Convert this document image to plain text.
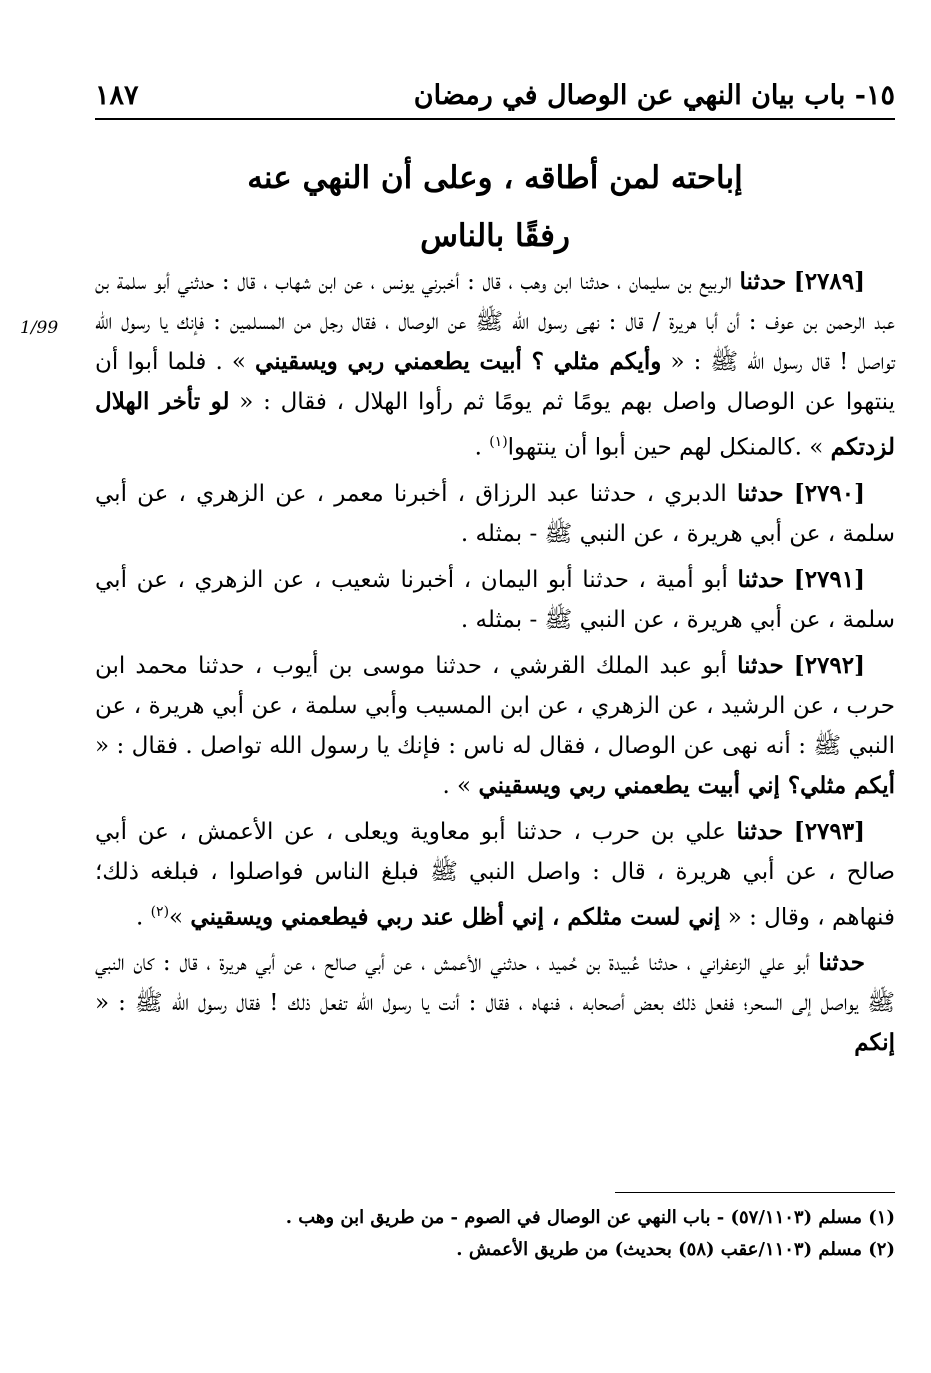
١٥- باب بيان النهي عن الوصال في رمضان
١٨٧
إباحته لمن أطاقه ، وعلى أن النهي عنه
رفقًا بالناس
1/99

[٢٧٨٩] حدثنا الربيع بن سليمان ، حدثنا ابن وهب ، قال : أخبرني يونس ، عن ابن شهاب ، قال : حدثني أبو سلمة بن عبد الرحمن بن عوف : أن أبا هريرة / قال : نهى رسول الله ﷺ عن الوصال ، فقال رجل من المسلمين : فإنك يا رسول الله تواصل ! قال رسول الله ﷺ : « وأيكم مثلي ؟ أبيت يطعمني ربي ويسقيني » . فلما أبوا أن ينتهوا عن الوصال واصل بهم يومًا ثم يومًا ثم رأوا الهلال ، فقال : « لو تأخر الهلال لزدتكم » .كالمنكل لهم حين أبوا أن ينتهوا$^{(١)}$ .

[٢٧٩٠] حدثنا الدبري ، حدثنا عبد الرزاق ، أخبرنا معمر ، عن الزهري ، عن أبي سلمة ، عن أبي هريرة ، عن النبي ﷺ - بمثله .

[٢٧٩١] حدثنا أبو أمية ، حدثنا أبو اليمان ، أخبرنا شعيب ، عن الزهري ، عن أبي سلمة ، عن أبي هريرة ، عن النبي ﷺ - بمثله .

[٢٧٩٢] حدثنا أبو عبد الملك القرشي ، حدثنا موسى بن أيوب ، حدثنا محمد ابن حرب ، عن الرشيد ، عن الزهري ، عن ابن المسيب وأبي سلمة ، عن أبي هريرة ، عن النبي ﷺ : أنه نهى عن الوصال ، فقال له ناس : فإنك يا رسول الله تواصل . فقال : « أيكم مثلي؟ إني أبيت يطعمني ربي ويسقيني » .

[٢٧٩٣] حدثنا علي بن حرب ، حدثنا أبو معاوية ويعلى ، عن الأعمش ، عن أبي صالح ، عن أبي هريرة ، قال : واصل النبي ﷺ فبلغ الناس فواصلوا ، فبلغه ذلك؛ فنهاهم ، وقال : « إني لست مثلكم ، إني أظل عند ربي فيطعمني ويسقيني »$^{(٢)}$ .

حدثنا أبو علي الزعفراني ، حدثنا عُبيدة بن حُميد ، حدثني الأعمش ، عن أبي صالح ، عن أبي هريرة ، قال : كان النبي ﷺ يواصل إلى السحر؛ ففعل ذلك بعض أصحابه ، فنهاه ، فقال : أنت يا رسول الله تفعل ذلك ! فقال رسول الله ﷺ : « إنكم

(١) مسلم (٥٧/١١٠٣) - باب النهي عن الوصال في الصوم - من طريق ابن وهب .
(٢) مسلم (١١٠٣/عقب (٥٨) بحديث) من طريق الأعمش .
